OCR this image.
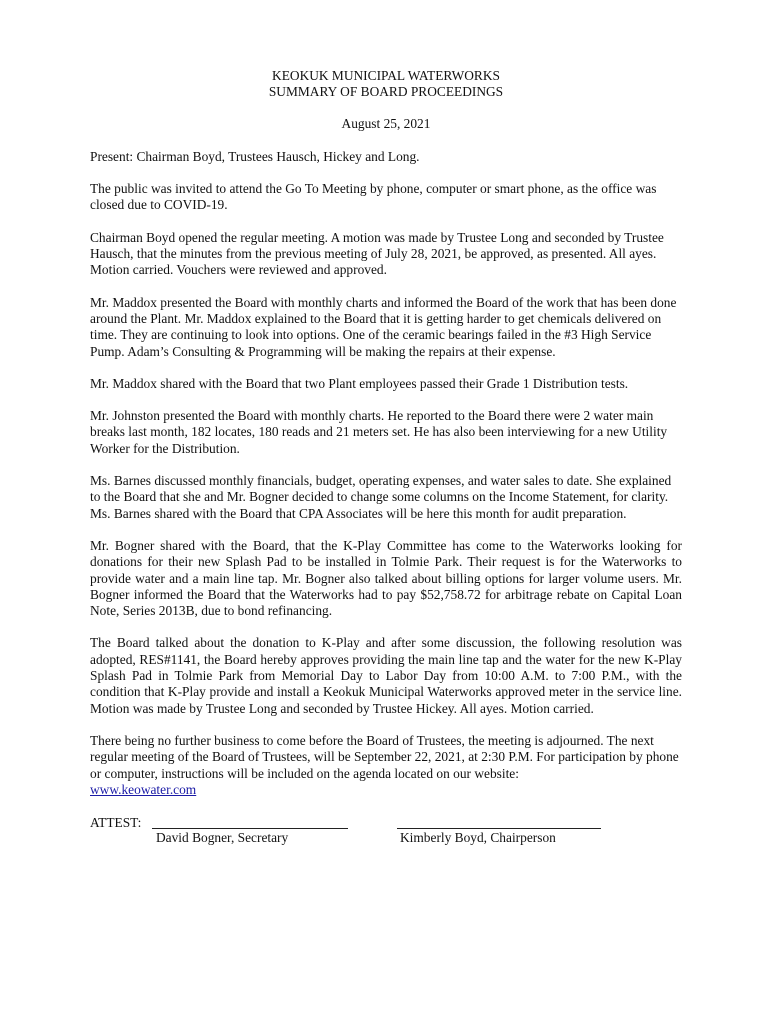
KEOKUK MUNICIPAL WATERWORKS
SUMMARY OF BOARD PROCEEDINGS
August 25, 2021

Present: Chairman Boyd, Trustees Hausch, Hickey and Long.

The public was invited to attend the Go To Meeting by phone, computer or smart phone, as the office was closed due to COVID-19.

Chairman Boyd opened the regular meeting. A motion was made by Trustee Long and seconded by Trustee Hausch, that the minutes from the previous meeting of July 28, 2021, be approved, as presented. All ayes. Motion carried. Vouchers were reviewed and approved.

Mr. Maddox presented the Board with monthly charts and informed the Board of the work that has been done around the Plant. Mr. Maddox explained to the Board that it is getting harder to get chemicals delivered on time. They are continuing to look into options. One of the ceramic bearings failed in the #3 High Service Pump. Adam’s Consulting & Programming will be making the repairs at their expense.

Mr. Maddox shared with the Board that two Plant employees passed their Grade 1 Distribution tests.

Mr. Johnston presented the Board with monthly charts. He reported to the Board there were 2 water main breaks last month, 182 locates, 180 reads and 21 meters set. He has also been interviewing for a new Utility Worker for the Distribution.

Ms. Barnes discussed monthly financials, budget, operating expenses, and water sales to date. She explained to the Board that she and Mr. Bogner decided to change some columns on the Income Statement, for clarity. Ms. Barnes shared with the Board that CPA Associates will be here this month for audit preparation.

Mr. Bogner shared with the Board, that the K-Play Committee has come to the Waterworks looking for donations for their new Splash Pad to be installed in Tolmie Park. Their request is for the Waterworks to provide water and a main line tap. Mr. Bogner also talked about billing options for larger volume users. Mr. Bogner informed the Board that the Waterworks had to pay $52,758.72 for arbitrage rebate on Capital Loan Note, Series 2013B, due to bond refinancing.

The Board talked about the donation to K-Play and after some discussion, the following resolution was adopted, RES#1141, the Board hereby approves providing the main line tap and the water for the new K-Play Splash Pad in Tolmie Park from Memorial Day to Labor Day from 10:00 A.M. to 7:00 P.M., with the condition that K-Play provide and install a Keokuk Municipal Waterworks approved meter in the service line. Motion was made by Trustee Long and seconded by Trustee Hickey. All ayes. Motion carried.

There being no further business to come before the Board of Trustees, the meeting is adjourned. The next regular meeting of the Board of Trustees, will be September 22, 2021, at 2:30 P.M. For participation by phone or computer, instructions will be included on the agenda located on our website:
www.keowater.com

ATTEST:
David Bogner, Secretary	Kimberly Boyd, Chairperson
